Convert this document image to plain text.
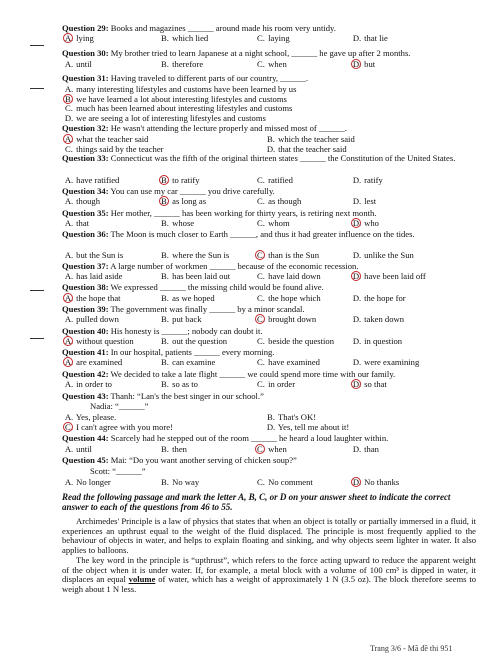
Question 29: Books and magazines ______ around made his room very untidy.
A. lying	B. which lied	C. laying	D. that lie
Question 30: My brother tried to learn Japanese at a night school, ______ he gave up after 2 months.
A. until	B. therefore	C. when	D. but
Question 31: Having traveled to different parts of our country, ______.
A. many interesting lifestyles and customs have been learned by us
B. we have learned a lot about interesting lifestyles and customs
C. much has been learned about interesting lifestyles and customs
D. we are seeing a lot of interesting lifestyles and customs
Question 32: He wasn't attending the lecture properly and missed most of ______.
A. what the teacher said	B. which the teacher said
C. things said by the teacher	D. that the teacher said
Question 33: Connecticut was the fifth of the original thirteen states ______ the Constitution of the United States.
A. have ratified	B. to ratify	C. ratified	D. ratify
Question 34: You can use my car ______ you drive carefully.
A. though	B. as long as	C. as though	D. lest
Question 35: Her mother, ______ has been working for thirty years, is retiring next month.
A. that	B. whose	C. whom	D. who
Question 36: The Moon is much closer to Earth ______, and thus it had greater influence on the tides.
A. but the Sun is	B. where the Sun is	C. than is the Sun	D. unlike the Sun
Question 37: A large number of workmen ______ because of the economic recession.
A. has laid aside	B. has been laid out	C. have laid down	D. have been laid off
Question 38: We expressed ______ the missing child would be found alive.
A. the hope that	B. as we hoped	C. the hope which	D. the hope for
Question 39: The government was finally ______ by a minor scandal.
A. pulled down	B. put back	C. brought down	D. taken down
Question 40: His honesty is ______; nobody can doubt it.
A. without question	B. out the question	C. beside the question D. in question
Question 41: In our hospital, patients ______ every morning.
A. are examined	B. can examine	C. have examined	D. were examining
Question 42: We decided to take a late flight ______ we could spend more time with our family.
A. in order to	B. so as to	C. in order	D. so that
Question 43: Thanh: “Lan's the best singer in our school.”
Nadia: “______”
A. Yes, please.	B. That's OK!
C. I can't agree with you more!	D. Yes, tell me about it!
Question 44: Scarcely had he stepped out of the room ______ he heard a loud laughter within.
A. until	B. then	C. when	D. than
Question 45: Mai: “Do you want another serving of chicken soup?”
Scott: “______”
A. No longer	B. No way	C. No comment	D. No thanks
Read the following passage and mark the letter A, B, C, or D on your answer sheet to indicate the correct answer to each of the questions from 46 to 55.
Archimedes' Principle is a law of physics that states that when an object is totally or partially immersed in a fluid, it experiences an upthrust equal to the weight of the fluid displaced. The principle is most frequently applied to the behaviour of objects in water, and helps to explain floating and sinking, and why objects seem lighter in water. It also applies to balloons.
The key word in the principle is “upthrust”, which refers to the force acting upward to reduce the apparent weight of the object when it is under water. If, for example, a metal block with a volume of 100 cm³ is dipped in water, it displaces an equal volume of water, which has a weight of approximately 1 N (3.5 oz). The block therefore seems to weigh about 1 N less.
Trang 3/6 - Mã đề thi 951
